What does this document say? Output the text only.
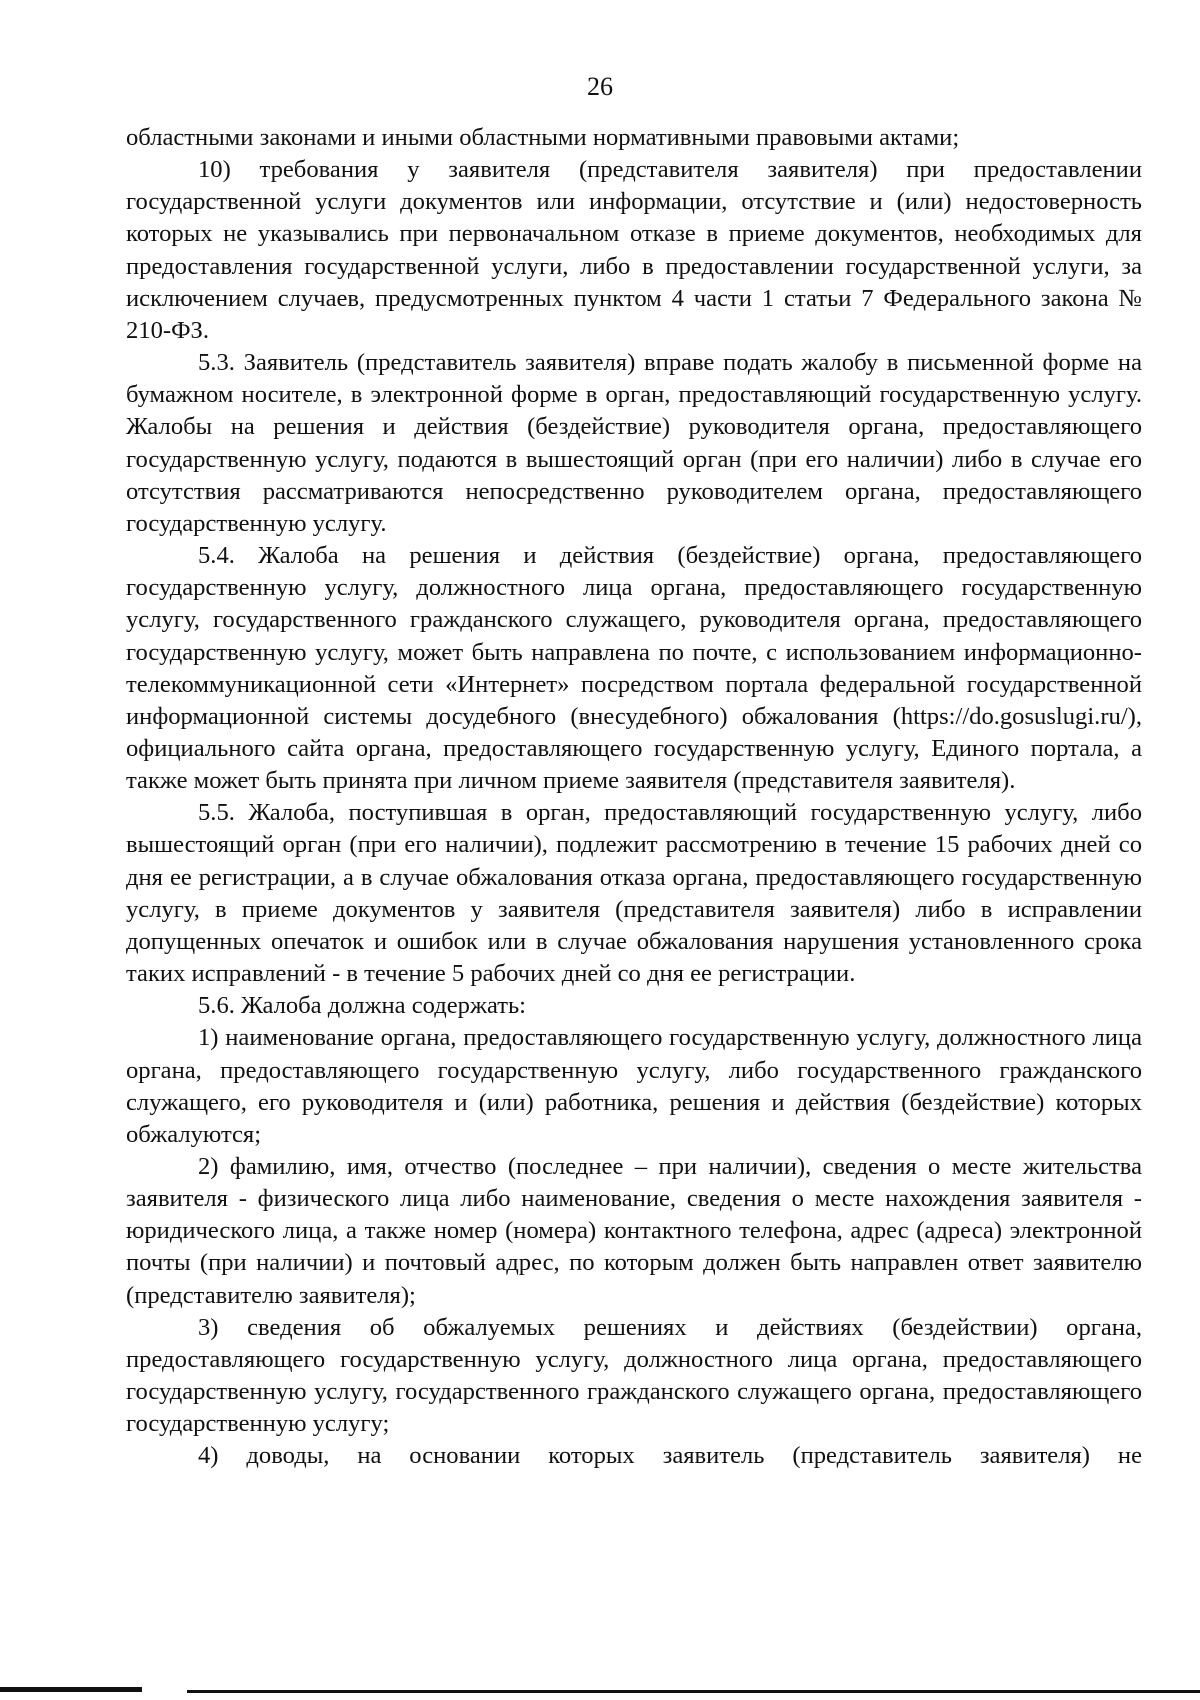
26

областными законами и иными областными нормативными правовыми актами;

10) требования у заявителя (представителя заявителя) при предоставлении государственной услуги документов или информации, отсутствие и (или) недостоверность которых не указывались при первоначальном отказе в приеме документов, необходимых для предоставления государственной услуги, либо в предоставлении государственной услуги, за исключением случаев, предусмотренных пунктом 4 части 1 статьи 7 Федерального закона № 210-ФЗ.

5.3. Заявитель (представитель заявителя) вправе подать жалобу в письменной форме на бумажном носителе, в электронной форме в орган, предоставляющий государственную услугу. Жалобы на решения и действия (бездействие) руководителя органа, предоставляющего государственную услугу, подаются в вышестоящий орган (при его наличии) либо в случае его отсутствия рассматриваются непосредственно руководителем органа, предоставляющего государственную услугу.

5.4. Жалоба на решения и действия (бездействие) органа, предоставляющего государственную услугу, должностного лица органа, предоставляющего государственную услугу, государственного гражданского служащего, руководителя органа, предоставляющего государственную услугу, может быть направлена по почте, с использованием информационно-телекоммуникационной сети «Интернет» посредством портала федеральной государственной информационной системы досудебного (внесудебного) обжалования (https://do.gosuslugi.ru/), официального сайта органа, предоставляющего государственную услугу, Единого портала, а также может быть принята при личном приеме заявителя (представителя заявителя).

5.5. Жалоба, поступившая в орган, предоставляющий государственную услугу, либо вышестоящий орган (при его наличии), подлежит рассмотрению в течение 15 рабочих дней со дня ее регистрации, а в случае обжалования отказа органа, предоставляющего государственную услугу, в приеме документов у заявителя (представителя заявителя) либо в исправлении допущенных опечаток и ошибок или в случае обжалования нарушения установленного срока таких исправлений - в течение 5 рабочих дней со дня ее регистрации.

5.6. Жалоба должна содержать:

1) наименование органа, предоставляющего государственную услугу, должностного лица органа, предоставляющего государственную услугу, либо государственного гражданского служащего, его руководителя и (или) работника, решения и действия (бездействие) которых обжалуются;

2) фамилию, имя, отчество (последнее – при наличии), сведения о месте жительства заявителя - физического лица либо наименование, сведения о месте нахождения заявителя - юридического лица, а также номер (номера) контактного телефона, адрес (адреса) электронной почты (при наличии) и почтовый адрес, по которым должен быть направлен ответ заявителю (представителю заявителя);

3) сведения об обжалуемых решениях и действиях (бездействии) органа, предоставляющего государственную услугу, должностного лица органа, предоставляющего государственную услугу, государственного гражданского служащего органа, предоставляющего государственную услугу;

4) доводы, на основании которых заявитель (представитель заявителя) не
